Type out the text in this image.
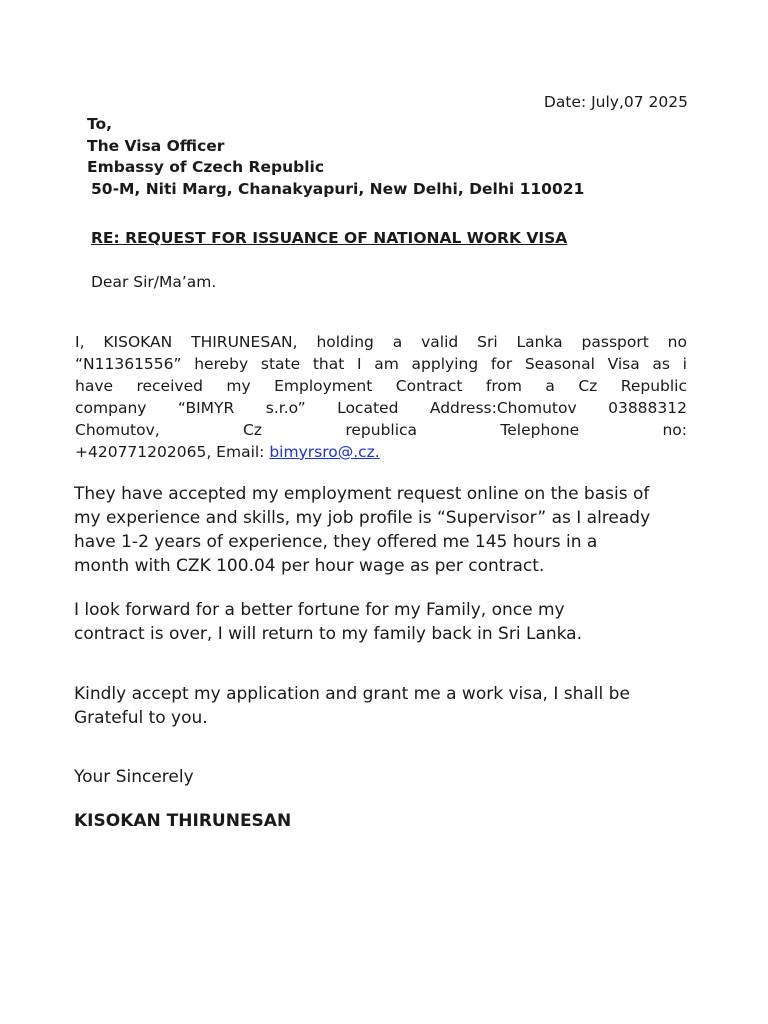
Date: July,07 2025
To,
The Visa Officer
Embassy of Czech Republic
50-M, Niti Marg, Chanakyapuri, New Delhi, Delhi 110021
RE: REQUEST FOR ISSUANCE OF NATIONAL WORK VISA
Dear Sir/Ma’am.
I, KISOKAN THIRUNESAN, holding a valid Sri Lanka passport no
“N11361556” hereby state that I am applying for Seasonal Visa as i
have received my Employment Contract from a Cz Republic
company “BIMYR s.r.o” Located Address:Chomutov 03888312
Chomutov, Cz republica Telephone no:
+420771202065, Email: bimyrsro@.cz.
They have accepted my employment request online on the basis of
my experience and skills, my job profile is “Supervisor” as I already
have 1-2 years of experience, they offered me 145 hours in a
month with CZK 100.04 per hour wage as per contract.
I look forward for a better fortune for my Family, once my
contract is over, I will return to my family back in Sri Lanka.
Kindly accept my application and grant me a work visa, I shall be
Grateful to you.
Your Sincerely
KISOKAN THIRUNESAN
